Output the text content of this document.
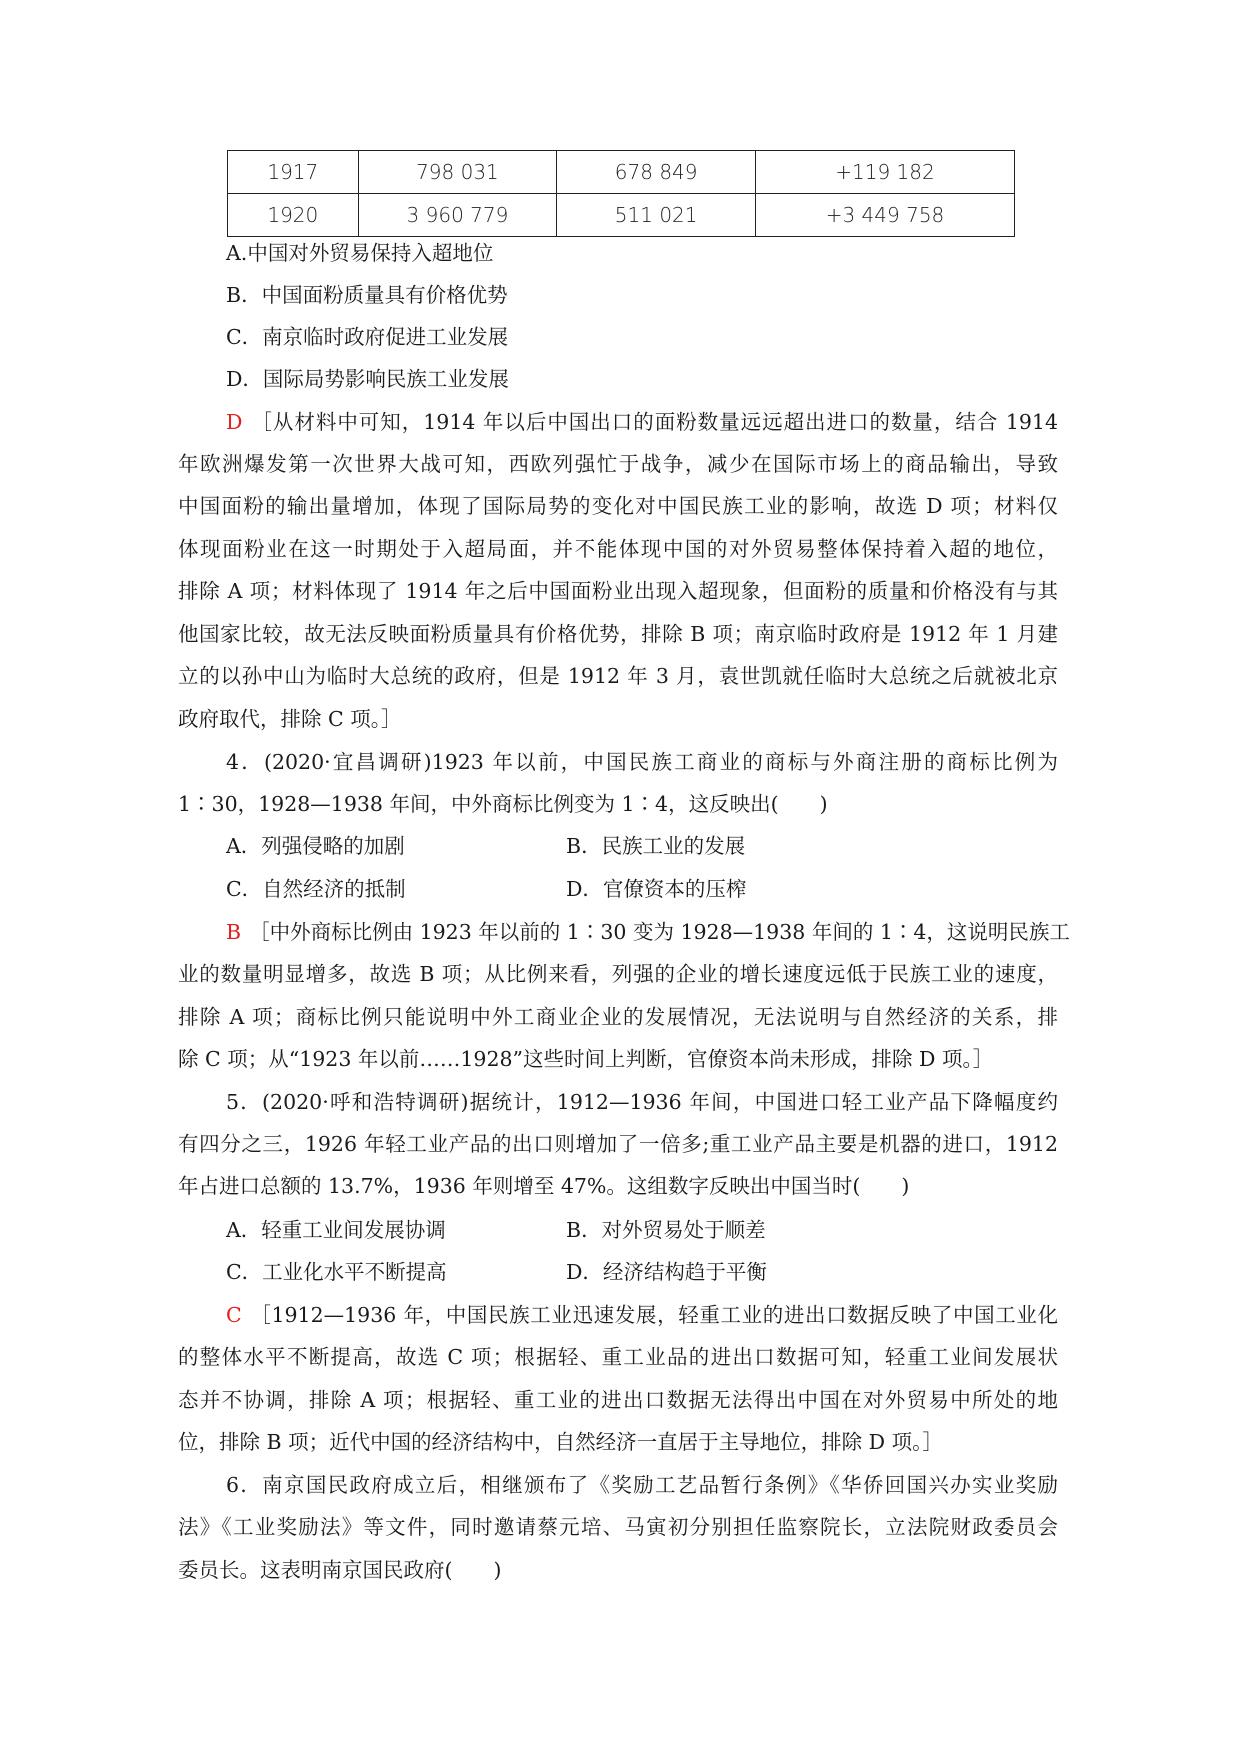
1917	798 031	678 849	+119 182
1920	3 960 779	511 021	+3 449 758
A.中国对外贸易保持入超地位
B．中国面粉质量具有价格优势
C．南京临时政府促进工业发展
D．国际局势影响民族工业发展
D ［从材料中可知，1914 年以后中国出口的面粉数量远远超出进口的数量，结合 1914
年欧洲爆发第一次世界大战可知，西欧列强忙于战争，减少在国际市场上的商品输出，导致
中国面粉的输出量增加，体现了国际局势的变化对中国民族工业的影响，故选 D 项；材料仅
体现面粉业在这一时期处于入超局面，并不能体现中国的对外贸易整体保持着入超的地位，
排除 A 项；材料体现了 1914 年之后中国面粉业出现入超现象，但面粉的质量和价格没有与其
他国家比较，故无法反映面粉质量具有价格优势，排除 B 项；南京临时政府是 1912 年 1 月建
立的以孙中山为临时大总统的政府，但是 1912 年 3 月，袁世凯就任临时大总统之后就被北京
政府取代，排除 C 项。］
4．(2020·宜昌调研)1923 年以前，中国民族工商业的商标与外商注册的商标比例为
1∶30，1928—1938 年间，中外商标比例变为 1∶4，这反映出(　　)
A．列强侵略的加剧	B．民族工业的发展
C．自然经济的抵制	D．官僚资本的压榨
B ［中外商标比例由 1923 年以前的 1∶30 变为 1928—1938 年间的 1∶4，这说明民族工
业的数量明显增多，故选 B 项；从比例来看，列强的企业的增长速度远低于民族工业的速度，
排除 A 项；商标比例只能说明中外工商业企业的发展情况，无法说明与自然经济的关系，排
除 C 项；从“1923 年以前……1928”这些时间上判断，官僚资本尚未形成，排除 D 项。］
5．(2020·呼和浩特调研)据统计，1912—1936 年间，中国进口轻工业产品下降幅度约
有四分之三，1926 年轻工业产品的出口则增加了一倍多;重工业产品主要是机器的进口，1912
年占进口总额的 13.7%，1936 年则增至 47%。这组数字反映出中国当时(　　)
A．轻重工业间发展协调	B．对外贸易处于顺差
C．工业化水平不断提高	D．经济结构趋于平衡
C ［1912—1936 年，中国民族工业迅速发展，轻重工业的进出口数据反映了中国工业化
的整体水平不断提高，故选 C 项；根据轻、重工业品的进出口数据可知，轻重工业间发展状
态并不协调，排除 A 项；根据轻、重工业的进出口数据无法得出中国在对外贸易中所处的地
位，排除 B 项；近代中国的经济结构中，自然经济一直居于主导地位，排除 D 项。］
6．南京国民政府成立后，相继颁布了《奖励工艺品暂行条例》《华侨回国兴办实业奖励
法》《工业奖励法》等文件，同时邀请蔡元培、马寅初分别担任监察院长，立法院财政委员会
委员长。这表明南京国民政府(　　)
